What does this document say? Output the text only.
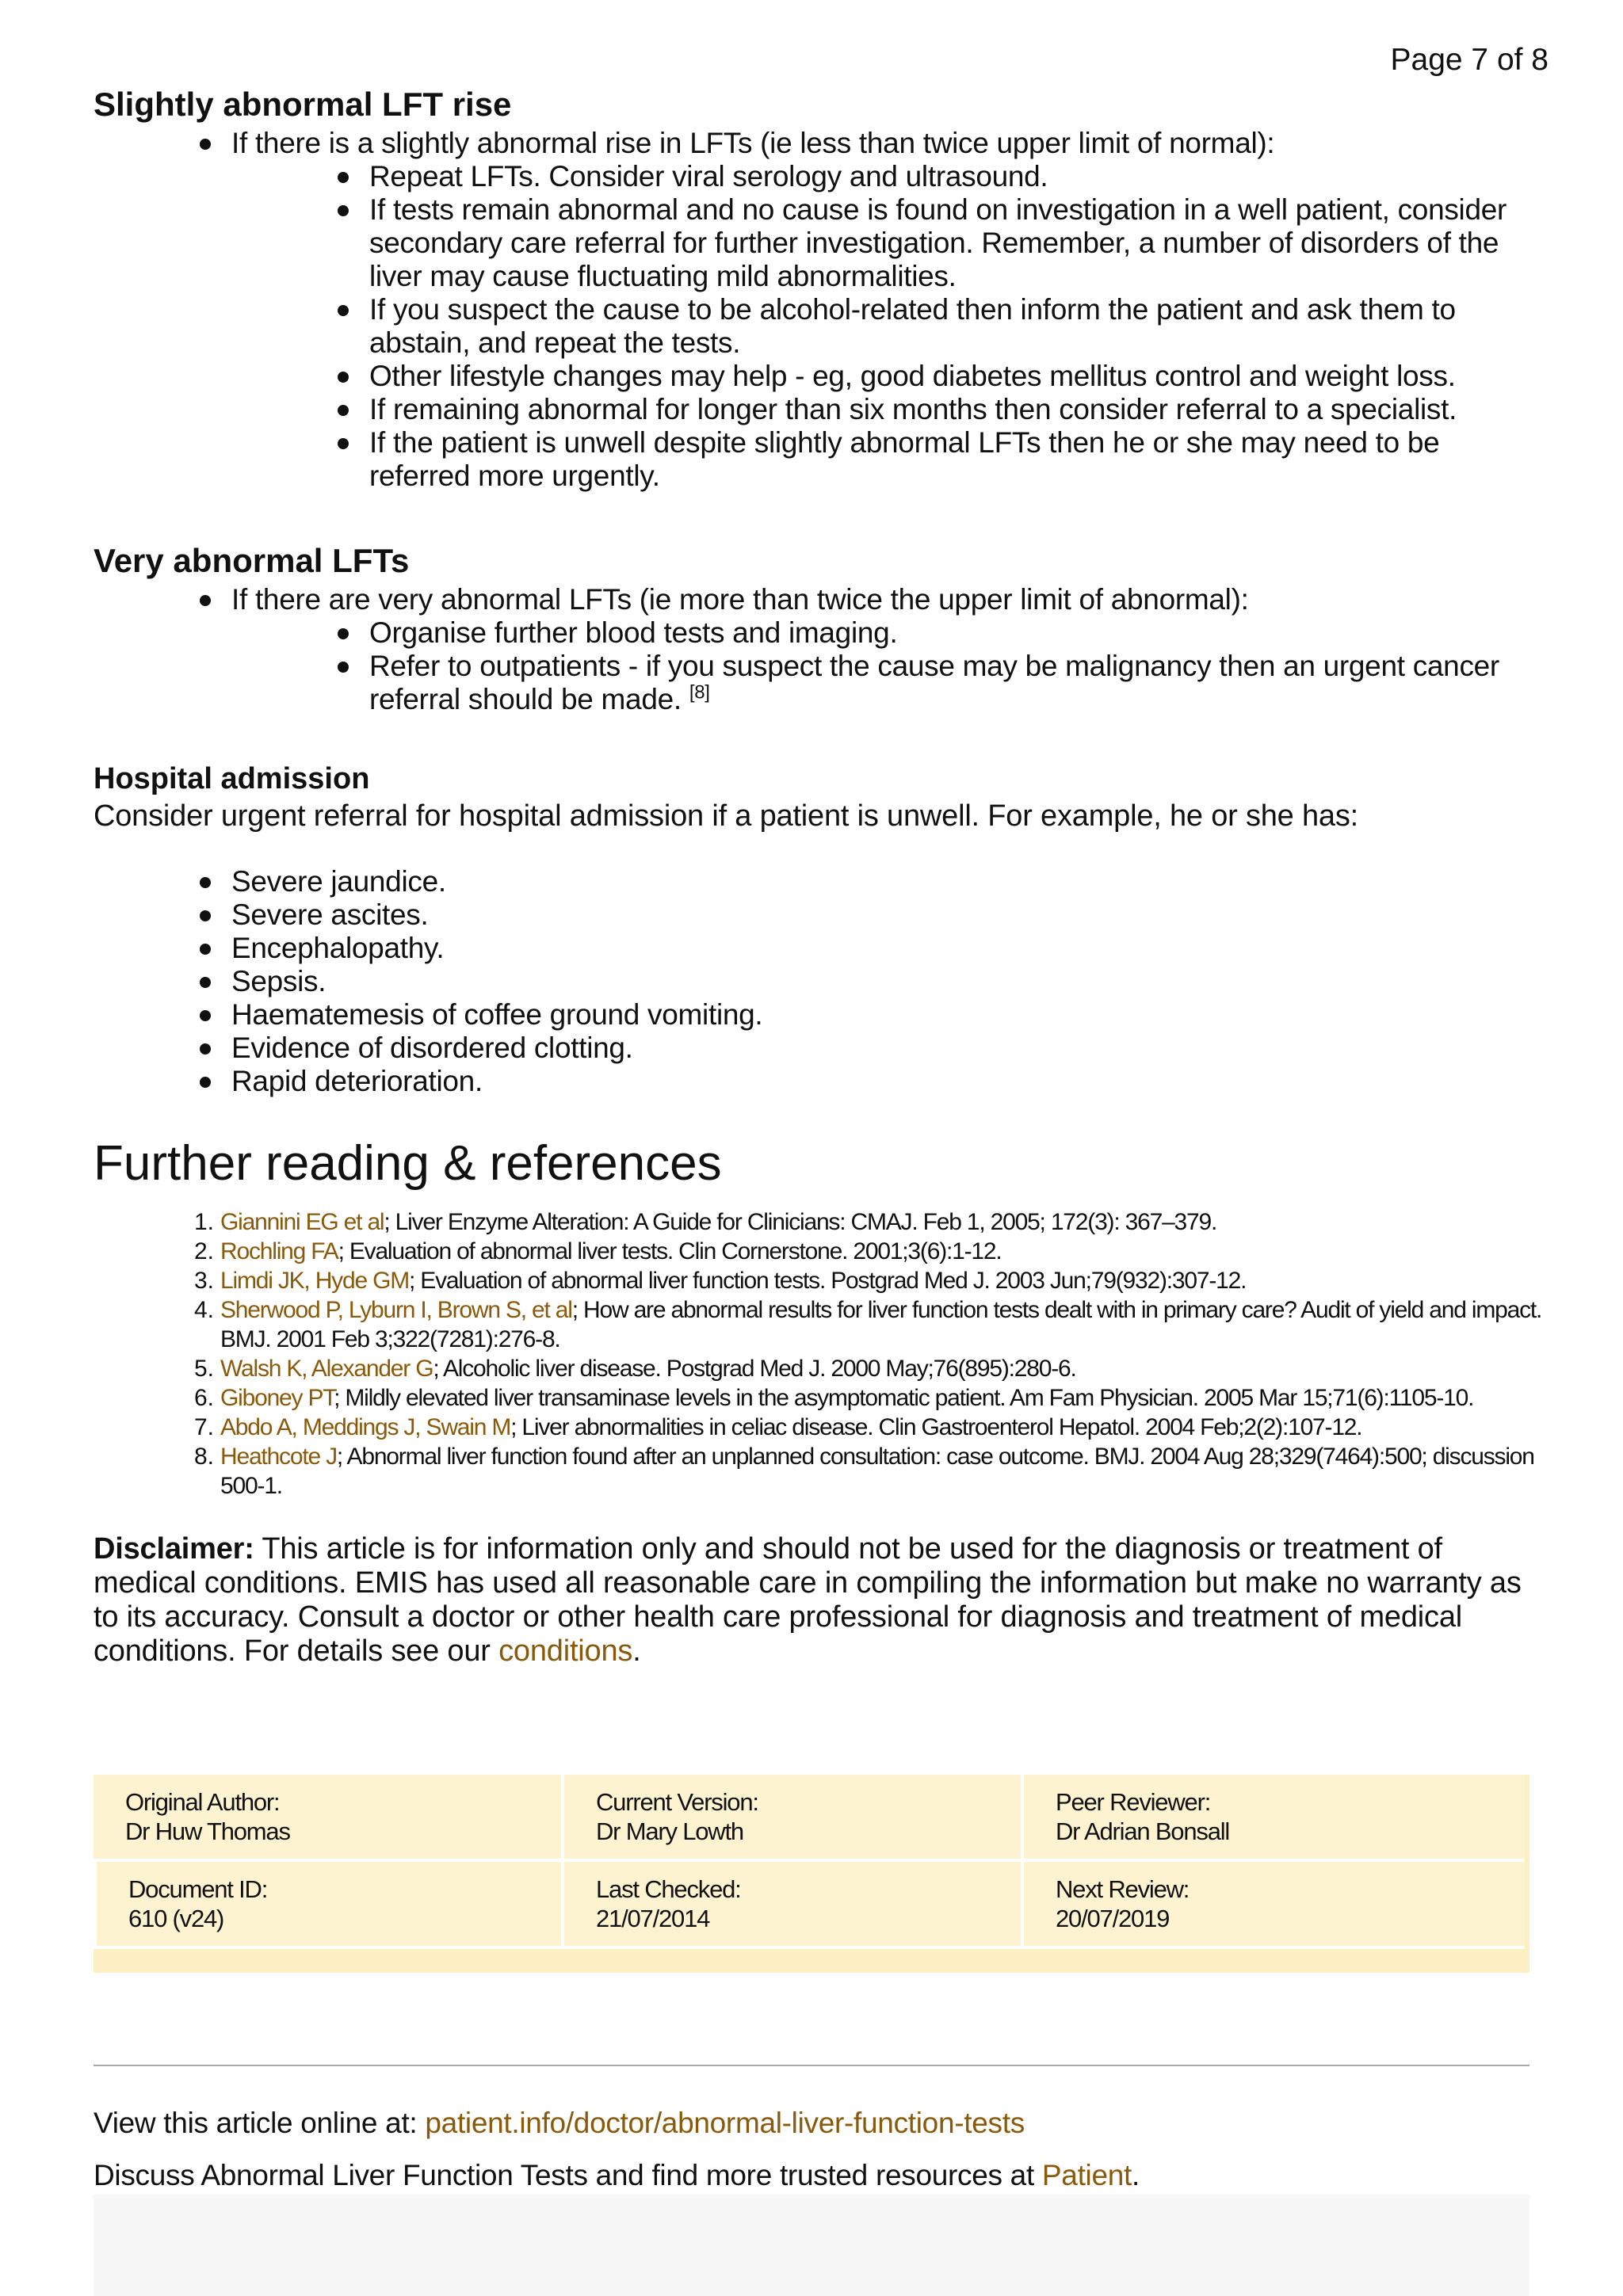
Page 7 of 8
Slightly abnormal LFT rise
If there is a slightly abnormal rise in LFTs (ie less than twice upper limit of normal):
Repeat LFTs. Consider viral serology and ultrasound.
If tests remain abnormal and no cause is found on investigation in a well patient, consider secondary care referral for further investigation. Remember, a number of disorders of the liver may cause fluctuating mild abnormalities.
If you suspect the cause to be alcohol-related then inform the patient and ask them to abstain, and repeat the tests.
Other lifestyle changes may help - eg, good diabetes mellitus control and weight loss.
If remaining abnormal for longer than six months then consider referral to a specialist.
If the patient is unwell despite slightly abnormal LFTs then he or she may need to be referred more urgently.
Very abnormal LFTs
If there are very abnormal LFTs (ie more than twice the upper limit of abnormal):
Organise further blood tests and imaging.
Refer to outpatients - if you suspect the cause may be malignancy then an urgent cancer referral should be made. [8]
Hospital admission

Consider urgent referral for hospital admission if a patient is unwell. For example, he or she has:

Severe jaundice.
Severe ascites.
Encephalopathy.
Sepsis.
Haematemesis of coffee ground vomiting.
Evidence of disordered clotting.
Rapid deterioration.
Further reading & references
1. Giannini EG et al; Liver Enzyme Alteration: A Guide for Clinicians: CMAJ. Feb 1, 2005; 172(3): 367–379.
2. Rochling FA; Evaluation of abnormal liver tests. Clin Cornerstone. 2001;3(6):1-12.
3. Limdi JK, Hyde GM; Evaluation of abnormal liver function tests. Postgrad Med J. 2003 Jun;79(932):307-12.
4. Sherwood P, Lyburn I, Brown S, et al; How are abnormal results for liver function tests dealt with in primary care? Audit of yield and impact. BMJ. 2001 Feb 3;322(7281):276-8.
5. Walsh K, Alexander G; Alcoholic liver disease. Postgrad Med J. 2000 May;76(895):280-6.
6. Giboney PT; Mildly elevated liver transaminase levels in the asymptomatic patient. Am Fam Physician. 2005 Mar 15;71(6):1105-10.
7. Abdo A, Meddings J, Swain M; Liver abnormalities in celiac disease. Clin Gastroenterol Hepatol. 2004 Feb;2(2):107-12.
8. Heathcote J; Abnormal liver function found after an unplanned consultation: case outcome. BMJ. 2004 Aug 28;329(7464):500; discussion 500-1.

Disclaimer: This article is for information only and should not be used for the diagnosis or treatment of medical conditions. EMIS has used all reasonable care in compiling the information but make no warranty as to its accuracy. Consult a doctor or other health care professional for diagnosis and treatment of medical conditions. For details see our conditions.

Original Author:
Dr Huw Thomas
Current Version:
Dr Mary Lowth
Peer Reviewer:
Dr Adrian Bonsall
Document ID:
610 (v24)
Last Checked:
21/07/2014
Next Review:
20/07/2019
View this article online at: patient.info/doctor/abnormal-liver-function-tests
Discuss Abnormal Liver Function Tests and find more trusted resources at Patient.
